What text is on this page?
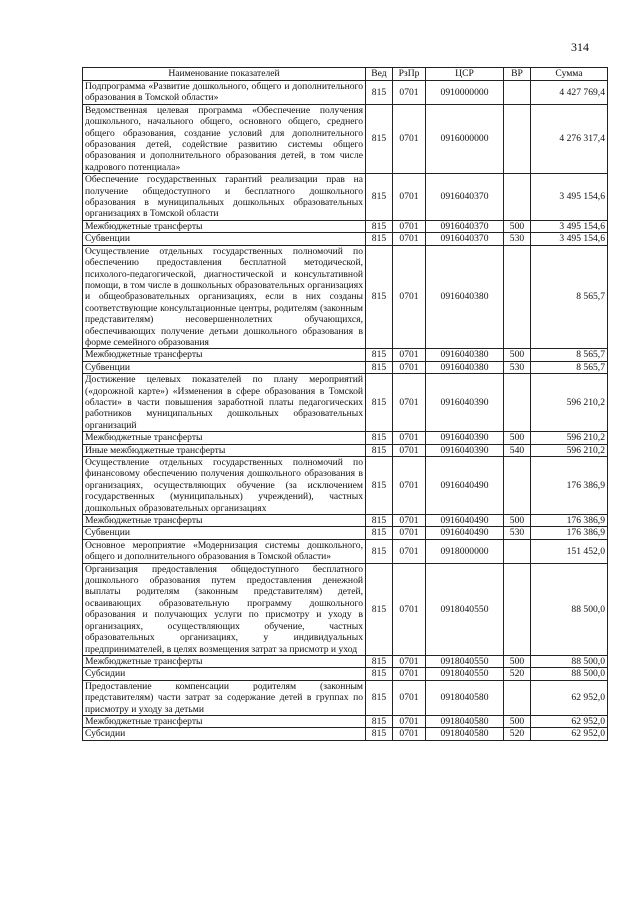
314
Наименование показателей	Вед	РзПр	ЦСР	ВР	Сумма
Подпрограмма «Развитие дошкольного, общего и дополнительного образования в Томской области»	815	0701	0910000000		4 427 769,4
Ведомственная целевая программа «Обеспечение получения дошкольного, начального общего, основного общего, среднего общего образования, создание условий для дополнительного образования детей, содействие развитию системы общего образования и дополнительного образования детей, в том числе кадрового потенциала»	815	0701	0916000000		4 276 317,4
Обеспечение государственных гарантий реализации прав на получение общедоступного и бесплатного дошкольного образования в муниципальных дошкольных образовательных организациях в Томской области	815	0701	0916040370		3 495 154,6
Межбюджетные трансферты	815	0701	0916040370	500	3 495 154,6
Субвенции	815	0701	0916040370	530	3 495 154,6
Осуществление отдельных государственных полномочий по обеспечению предоставления бесплатной методической, психолого-педагогической, диагностической и консультативной помощи, в том числе в дошкольных образовательных организациях и общеобразовательных организациях, если в них созданы соответствующие консультационные центры, родителям (законным представителям) несовершеннолетних обучающихся, обеспечивающих получение детьми дошкольного образования в форме семейного образования	815	0701	0916040380		8 565,7
Межбюджетные трансферты	815	0701	0916040380	500	8 565,7
Субвенции	815	0701	0916040380	530	8 565,7
Достижение целевых показателей по плану мероприятий («дорожной карте») «Изменения в сфере образования в Томской области» в части повышения заработной платы педагогических работников муниципальных дошкольных образовательных организаций	815	0701	0916040390		596 210,2
Межбюджетные трансферты	815	0701	0916040390	500	596 210,2
Иные межбюджетные трансферты	815	0701	0916040390	540	596 210,2
Осуществление отдельных государственных полномочий по финансовому обеспечению получения дошкольного образования в организациях, осуществляющих обучение (за исключением государственных (муниципальных) учреждений), частных дошкольных образовательных организациях	815	0701	0916040490		176 386,9
Межбюджетные трансферты	815	0701	0916040490	500	176 386,9
Субвенции	815	0701	0916040490	530	176 386,9
Основное мероприятие «Модернизация системы дошкольного, общего и дополнительного образования в Томской области»	815	0701	0918000000		151 452,0
Организация предоставления общедоступного бесплатного дошкольного образования путем предоставления денежной выплаты родителям (законным представителям) детей, осваивающих образовательную программу дошкольного образования и получающих услуги по присмотру и уходу в организациях, осуществляющих обучение, частных образовательных организациях, у индивидуальных предпринимателей, в целях возмещения затрат за присмотр и уход	815	0701	0918040550		88 500,0
Межбюджетные трансферты	815	0701	0918040550	500	88 500,0
Субсидии	815	0701	0918040550	520	88 500,0
Предоставление компенсации родителям (законным представителям) части затрат за содержание детей в группах по присмотру и уходу за детьми	815	0701	0918040580		62 952,0
Межбюджетные трансферты	815	0701	0918040580	500	62 952,0
Субсидии	815	0701	0918040580	520	62 952,0
